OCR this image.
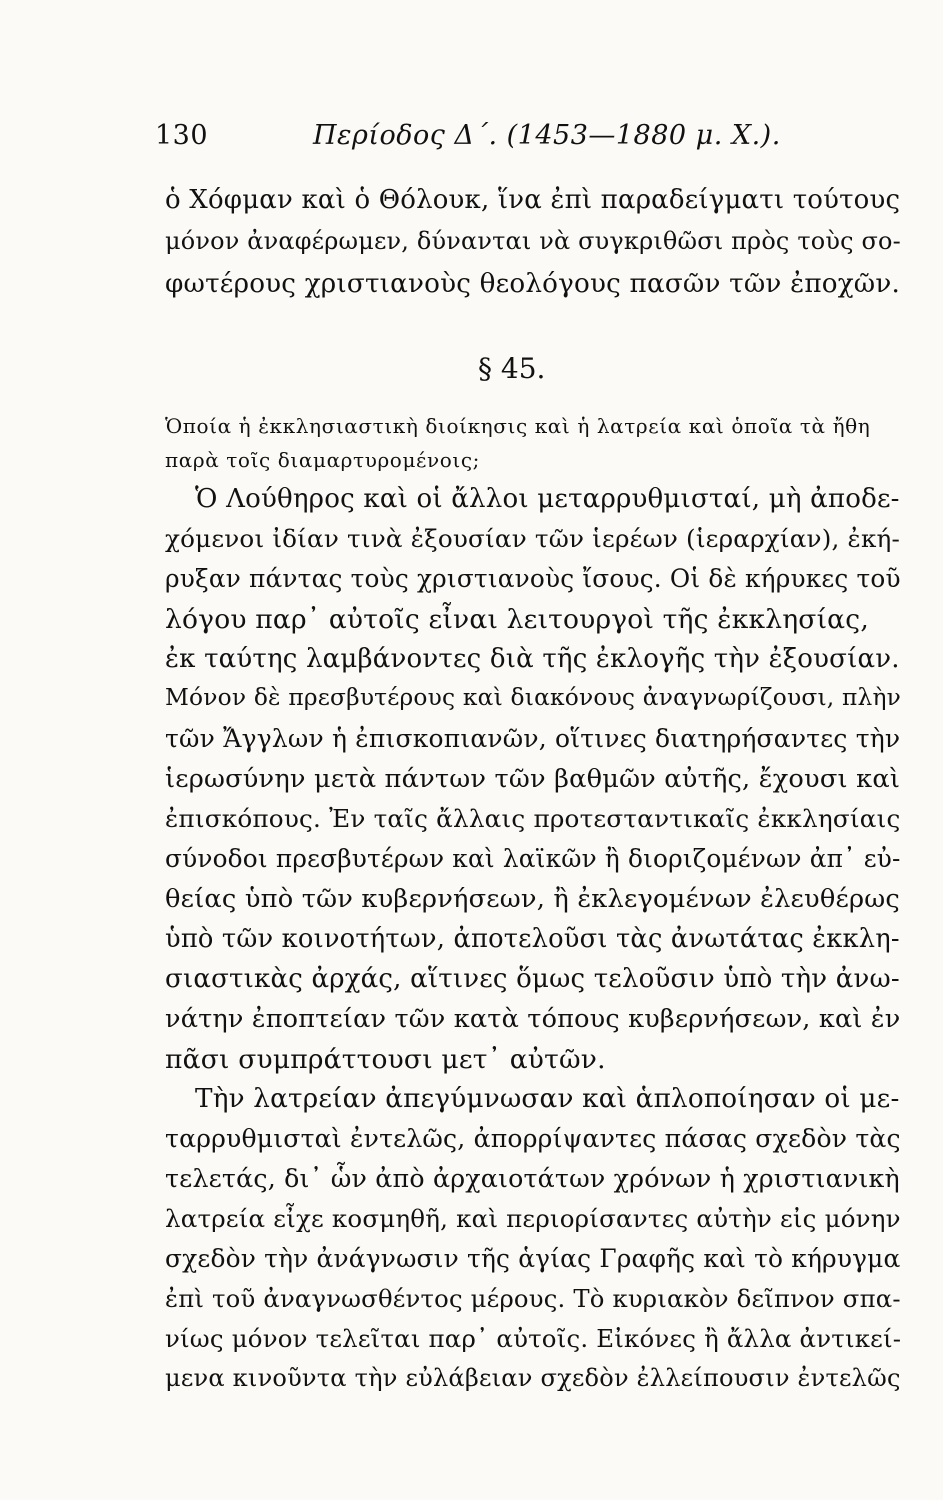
130	Περίοδος Δ΄. (1453—1880 μ. Χ.).
ὁ Χόφμαν καὶ ὁ Θόλουκ, ἵνα ἐπὶ παραδείγματι τούτους
μόνον ἀναφέρωμεν, δύνανται νὰ συγκριθῶσι πρὸς τοὺς σο-
φωτέρους χριστιανοὺς θεολόγους πασῶν τῶν ἐποχῶν.
§ 45.
Ὁποία ἡ ἐκκλησιαστικὴ διοίκησις καὶ ἡ λατρεία καὶ ὁποῖα τὰ ἤθη
παρὰ τοῖς διαμαρτυρομένοις;
Ὁ Λούθηρος καὶ οἱ ἄλλοι μεταρρυθμισταί, μὴ ἀποδε-
χόμενοι ἰδίαν τινὰ ἐξουσίαν τῶν ἱερέων (ἱεραρχίαν), ἐκή-
ρυξαν πάντας τοὺς χριστιανοὺς ἴσους. Οἱ δὲ κήρυκες τοῦ
λόγου παρ᾽ αὐτοῖς εἶναι λειτουργοὶ τῆς ἐκκλησίας,
ἐκ ταύτης λαμβάνοντες διὰ τῆς ἐκλογῆς τὴν ἐξουσίαν.
Μόνον δὲ πρεσβυτέρους καὶ διακόνους ἀναγνωρίζουσι, πλὴν
τῶν Ἄγγλων ἡ ἐπισκοπιανῶν, οἵτινες διατηρήσαντες τὴν
ἱερωσύνην μετὰ πάντων τῶν βαθμῶν αὐτῆς, ἔχουσι καὶ
ἐπισκόπους. Ἐν ταῖς ἄλλαις προτεσταντικαῖς ἐκκλησίαις
σύνοδοι πρεσβυτέρων καὶ λαϊκῶν ἢ διοριζομένων ἀπ᾽ εὐ-
θείας ὑπὸ τῶν κυβερνήσεων, ἢ ἐκλεγομένων ἐλευθέρως
ὑπὸ τῶν κοινοτήτων, ἀποτελοῦσι τὰς ἀνωτάτας ἐκκλη-
σιαστικὰς ἀρχάς, αἵτινες ὅμως τελοῦσιν ὑπὸ τὴν ἀνω-
νάτην ἐποπτείαν τῶν κατὰ τόπους κυβερνήσεων, καὶ ἐν
πᾶσι συμπράττουσι μετ᾽ αὐτῶν.
Τὴν λατρείαν ἀπεγύμνωσαν καὶ ἁπλοποίησαν οἱ με-
ταρρυθμισταὶ ἐντελῶς, ἀπορρίψαντες πάσας σχεδὸν τὰς
τελετάς, δι᾽ ὧν ἀπὸ ἀρχαιοτάτων χρόνων ἡ χριστιανικὴ
λατρεία εἶχε κοσμηθῆ, καὶ περιορίσαντες αὐτὴν εἰς μόνην
σχεδὸν τὴν ἀνάγνωσιν τῆς ἁγίας Γραφῆς καὶ τὸ κήρυγμα
ἐπὶ τοῦ ἀναγνωσθέντος μέρους. Τὸ κυριακὸν δεῖπνον σπα-
νίως μόνον τελεῖται παρ᾽ αὐτοῖς. Εἰκόνες ἢ ἄλλα ἀντικεί-
μενα κινοῦντα τὴν εὐλάβειαν σχεδὸν ἐλλείπουσιν ἐντελῶς
